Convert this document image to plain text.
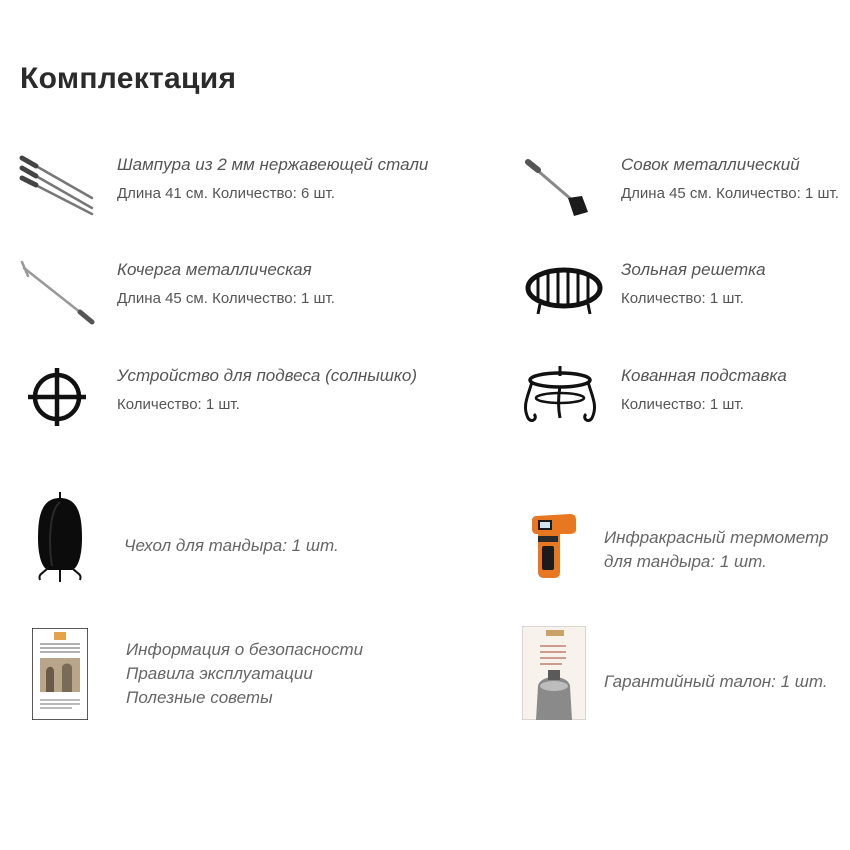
Комплектация
Шампура из 2 мм нержавеющей стали
Длина 41 см. Количество: 6 шт.
Совок металлический
Длина 45 см. Количество: 1 шт.
Кочерга металлическая
Длина 45 см. Количество: 1 шт.
Зольная решетка
Количество: 1 шт.
Устройство для подвеса (солнышко)
Количество: 1 шт.
Кованная подставка
Количество: 1 шт.
Чехол для тандыра: 1 шт.	Инфракрасный термометр
для тандыра: 1 шт.
Информация о безопасности
Правила эксплуатации
Полезные советы
Гарантийный талон: 1 шт.
